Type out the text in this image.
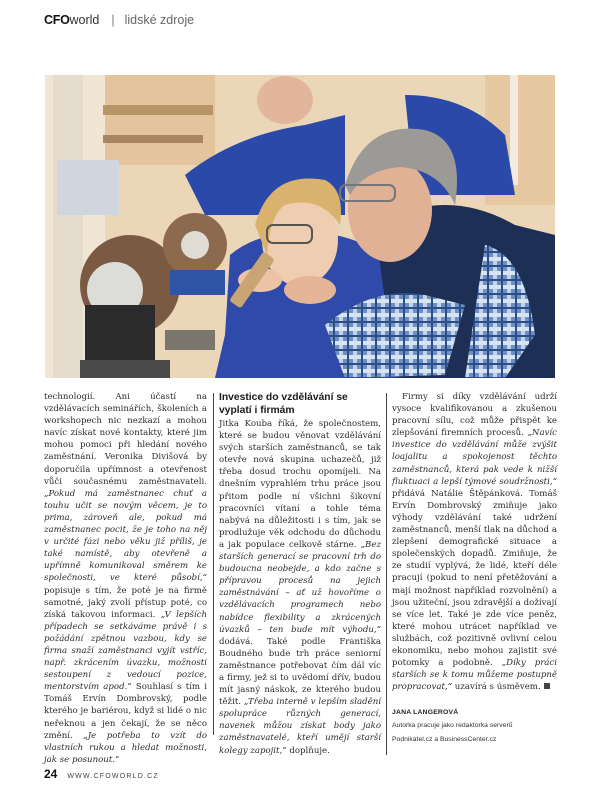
CFO world | lidské zdroje

technologií. Ani účastí na vzdělávacích seminářích, školeních a workshopech nic nezkazí a mohou navíc získat nové kontakty, které jim mohou pomoci při hledání nového zaměstnání. Veronika Divišová by doporučila upřímnost a otevřenost vůči současnému zaměstnavateli. „Pokud má zaměstnanec chuť a touhu učit se novým věcem, je to prima, zároveň ale, pokud má zaměstnanec pocit, že je toho na něj v určité fázi nebo věku již příliš, je také namístě, aby otevřeně a upřímně komunikoval směrem ke společnosti, ve které působí,“ popisuje s tím, že poté je na firmě samotné, jaký zvolí přístup poté, co získá takovou informaci. „V lepších případech se setkáváme právě i s požádání zpětnou vazbou, kdy se firma snaží zaměstnanci vyjít vstříc, např. zkrácením úvazku, možnosti sestoupení z vedoucí pozice, mentorstvím apod.“ Souhlasí s tím i Tomáš Ervín Dombrovský, podle kterého je bariérou, když si lidé o nic neřeknou a jen čekají, že se něco změní. „Je potřeba to vzít do vlastních rukou a hledat možnosti, jak se posunout.“

Investice do vzdělávání se vyplatí i firmám

Jitka Kouba říká, že společnostem, které se budou věnovat vzdělávání svých starších zaměstnanců, se tak otevře nová skupina uchazečů, již třeba dosud trochu opomíjeli. Na dnešním vyprahlém trhu práce jsou přitom podle ní všichni šikovní pracovníci vítaní a tohle téma nabývá na důležitosti i s tím, jak se prodlužuje věk odchodu do důchodu a jak populace celkově stárne. „Bez starších generací se pracovní trh do budoucna neobejde, a kdo začne s přípravou procesů na jejich zaměstnávání – ať už hovoříme o vzdělávacích programech nebo nabídce flexibility a zkrácených úvazků – ten bude mít výhodu,“ dodává. Také podle Františka Boudného bude trh práce seniorní zaměstnance potřebovat čím dál víc a firmy, jež si to uvědomí dřív, budou mít jasný náskok, ze kterého budou těžit. „Třeba interně v lepším sladění spolupráce různých generací, navenek můžou získat body jako zaměstnavatelé, kteří umějí starší kolegy zapojit,“ doplňuje.

Firmy si díky vzdělávání udrží vysoce kvalifikovanou a zkušenou pracovní sílu, což může přispět ke zlepšování firemních procesů. „Navíc investice do vzdělávání může zvýšit loajalitu a spokojenost těchto zaměstnanců, která pak vede k nižší fluktuaci a lepší týmové soudržnosti,“ přidává Natálie Štěpánková. Tomáš Ervín Dombrovský zmiňuje jako výhody vzdělávání také udržení zaměstnanců, menší tlak na důchod a zlepšení demografické situace a společenských dopadů. Zmiňuje, že ze studií vyplývá, že lidé, kteří déle pracují (pokud to není přetěžování a mají možnost například rozvolnění) a jsou užiteční, jsou zdravější a dožívají se více let. Také je zde více peněz, které mohou utrácet například ve službách, což pozitivně ovlivní celou ekonomiku, nebo mohou zajistit své potomky a podobně. „Díky práci starších se k tomu můžeme postupně propracovat,“ uzavírá s úsměvem.

JANA LANGEROVÁ
Autorka pracuje jako redaktorka serverů
Podnikatel.cz a BusinessCenter.cz
24 WWW.CFOWORLD.CZ
